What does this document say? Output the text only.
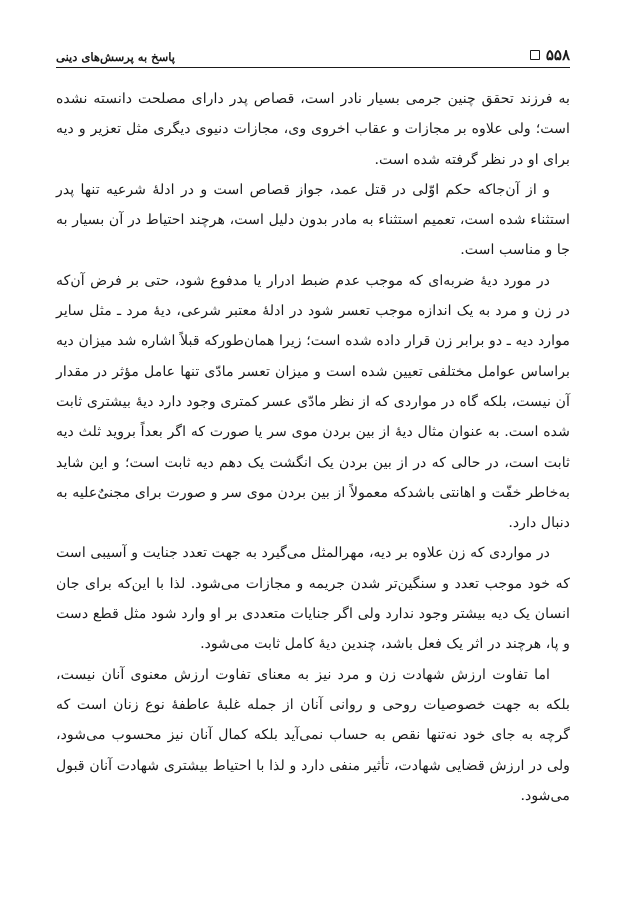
۵۵۸
پاسخ به پرسش‌های دینی

به فرزند تحقق چنین جرمی بسیار نادر است، قصاص پدر دارای مصلحت دانسته نشده است؛ ولی علاوه بر مجازات و عقاب اخروی وی، مجازات دنیوی دیگری مثل تعزیر و دیه برای او در نظر گرفته شده است.

و از آن‌جاکه حکم اوّلی در قتل عمد، جواز قصاص است و در ادلهٔ شرعیه تنها پدر استثناء شده است، تعمیم استثناء به مادر بدون دلیل است، هرچند احتیاط در آن بسیار به جا و مناسب است.

در مورد دیهٔ ضربه‌ای که موجب عدم ضبط ادرار یا مدفوع شود، حتی بر فرض آن‌که در زن و مرد به یک اندازه موجب تعسر شود در ادلهٔ معتبر شرعی، دیهٔ مرد ـ مثل سایر موارد دیه ـ دو برابر زن قرار داده شده است؛ زیرا همان‌طورکه قبلاً اشاره شد میزان دیه براساس عوامل مختلفی تعیین شده است و میزان تعسر مادّی تنها عامل مؤثر در مقدار آن نیست، بلکه گاه در مواردی که از نظر مادّی عسر کمتری وجود دارد دیهٔ بیشتری ثابت شده است. به عنوان مثال دیهٔ از بین بردن موی سر یا صورت که اگر بعداً بروید ثلث دیه ثابت است، در حالی که در از بین بردن یک انگشت یک دهم دیه ثابت است؛ و این شاید به‌خاطر خفّت و اهانتی باشدکه معمولاً از بین بردن موی سر و صورت برای مجنیٌ‌علیه به دنبال دارد.

در مواردی که زن علاوه بر دیه، مهرالمثل می‌گیرد به جهت تعدد جنایت و آسیبی است که خود موجب تعدد و سنگین‌تر شدن جریمه و مجازات می‌شود. لذا با این‌که برای جان انسان یک دیه بیشتر وجود ندارد ولی اگر جنایات متعددی بر او وارد شود مثل قطع دست و پا، هرچند در اثر یک فعل باشد، چندین دیهٔ کامل ثابت می‌شود.

اما تفاوت ارزش شهادت زن و مرد نیز به معنای تفاوت ارزش معنوی آنان نیست، بلکه به جهت خصوصیات روحی و روانی آنان از جمله غلبهٔ عاطفهٔ نوع زنان است که گرچه به جای خود نه‌تنها نقص به حساب نمی‌آید بلکه کمال آنان نیز محسوب می‌شود، ولی در ارزش قضایی شهادت، تأثیر منفی دارد و لذا با احتیاط بیشتری شهادت آنان قبول می‌شود.
